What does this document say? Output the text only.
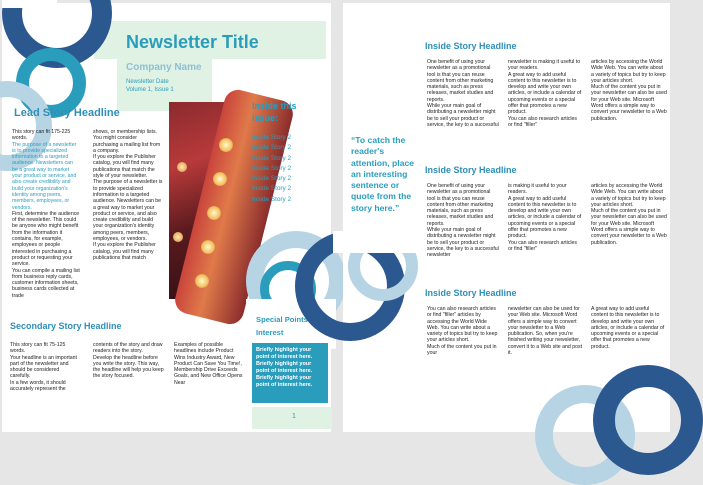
Newsletter Title
Company Name
Newsletter Date
Volume 1, Issue 1
Lead Story Headline
This story can fit 175-225 words.
The purpose of a newsletter is to provide specialized information to a targeted audience. Newsletters can be a great way to market your product or service, and also create credibility and build your organization's identity among peers, members, employees, or vendors.
First, determine the audience of the newsletter. This could be anyone who might benefit from the information it contains, for example, employees or people interested in purchasing a product or requesting your service.
You can compile a mailing list from business reply cards, customer information sheets, business cards collected at trade
shows, or membership lists. You might consider purchasing a mailing list from a company.
If you explore the Publisher catalog, you will find many publications that match the style of your newsletter.
The purpose of a newsletter is to provide specialized information to a targeted audience. Newsletters can be a great way to market your product or service, and also create credibility and build your organization's identity among peers, members, employees, or vendors.
If you explore the Publisher catalog, you will find many publications that match
Inside this issue:
Inside Story 2
Inside Story 2
Inside Story 2
Inside Story 2
Inside Story 2
Inside Story 2
Inside Story 2
Secondary Story Headline
This story can fit 75-125 words.
Your headline is an important part of the newsletter and should be considered carefully.
In a few words, it should accurately represent the
contents of the story and draw readers into the story.
Develop the headline before you write the story. This way, the headline will help you keep the story focused.
Examples of possible headlines include Product Wins Industry Award, New Product Can Save You Time!, Membership Drive Exceeds Goals, and New Office Opens Near
Special Points of Interest
Briefly highlight your point of interest here.
Briefly highlight your point of interest here.
Briefly highlight your point of interest here.
1
2
“To catch the reader's attention, place an interesting sentence or quote from the story here.”
Inside Story Headline
One benefit of using your newsletter as a promotional tool is that you can reuse content from other marketing materials, such as press releases, market studies and reports.
While your main goal of distributing a newsletter might be to sell your product or service, the key to a successful
newsletter is making it useful to your readers.
A great way to add useful content to this newsletter is to develop and write your own articles, or include a calendar of upcoming events or a special offer that promotes a new product.
You can also research articles or find "filler"
articles by accessing the World Wide Web. You can write about a variety of topics but try to keep your articles short.
Much of the content you put in your newsletter can also be used for your Web site. Microsoft Word offers a simple way to convert your newsletter to a Web publication.
Inside Story Headline
One benefit of using your newsletter as a promotional tool is that you can reuse content from other marketing materials, such as press releases, market studies and reports.
While your main goal of distributing a newsletter might be to sell your product or service, the key to a successful newsletter
is making it useful to your readers.
A great way to add useful content to this newsletter is to develop and write your own articles, or include a calendar of upcoming events or a special offer that promotes a new product.
You can also research articles or find "filler"
articles by accessing the World Wide Web. You can write about a variety of topics but try to keep your articles short.
Much of the content you put in your newsletter can also be used for your Web site. Microsoft Word offers a simple way to convert your newsletter to a Web publication.
Inside Story Headline
You can also research articles or find "filler" articles by accessing the World Wide Web. You can write about a variety of topics but try to keep your articles short.
Much of the content you put in your
newsletter can also be used for your Web site. Microsoft Word offers a simple way to convert your newsletter to a Web publication. So, when you're finished writing your newsletter, convert it to a Web site and post it.
A great way to add useful content to this newsletter is to develop and write your own articles, or include a calendar of upcoming events or a special offer that promotes a new product.
